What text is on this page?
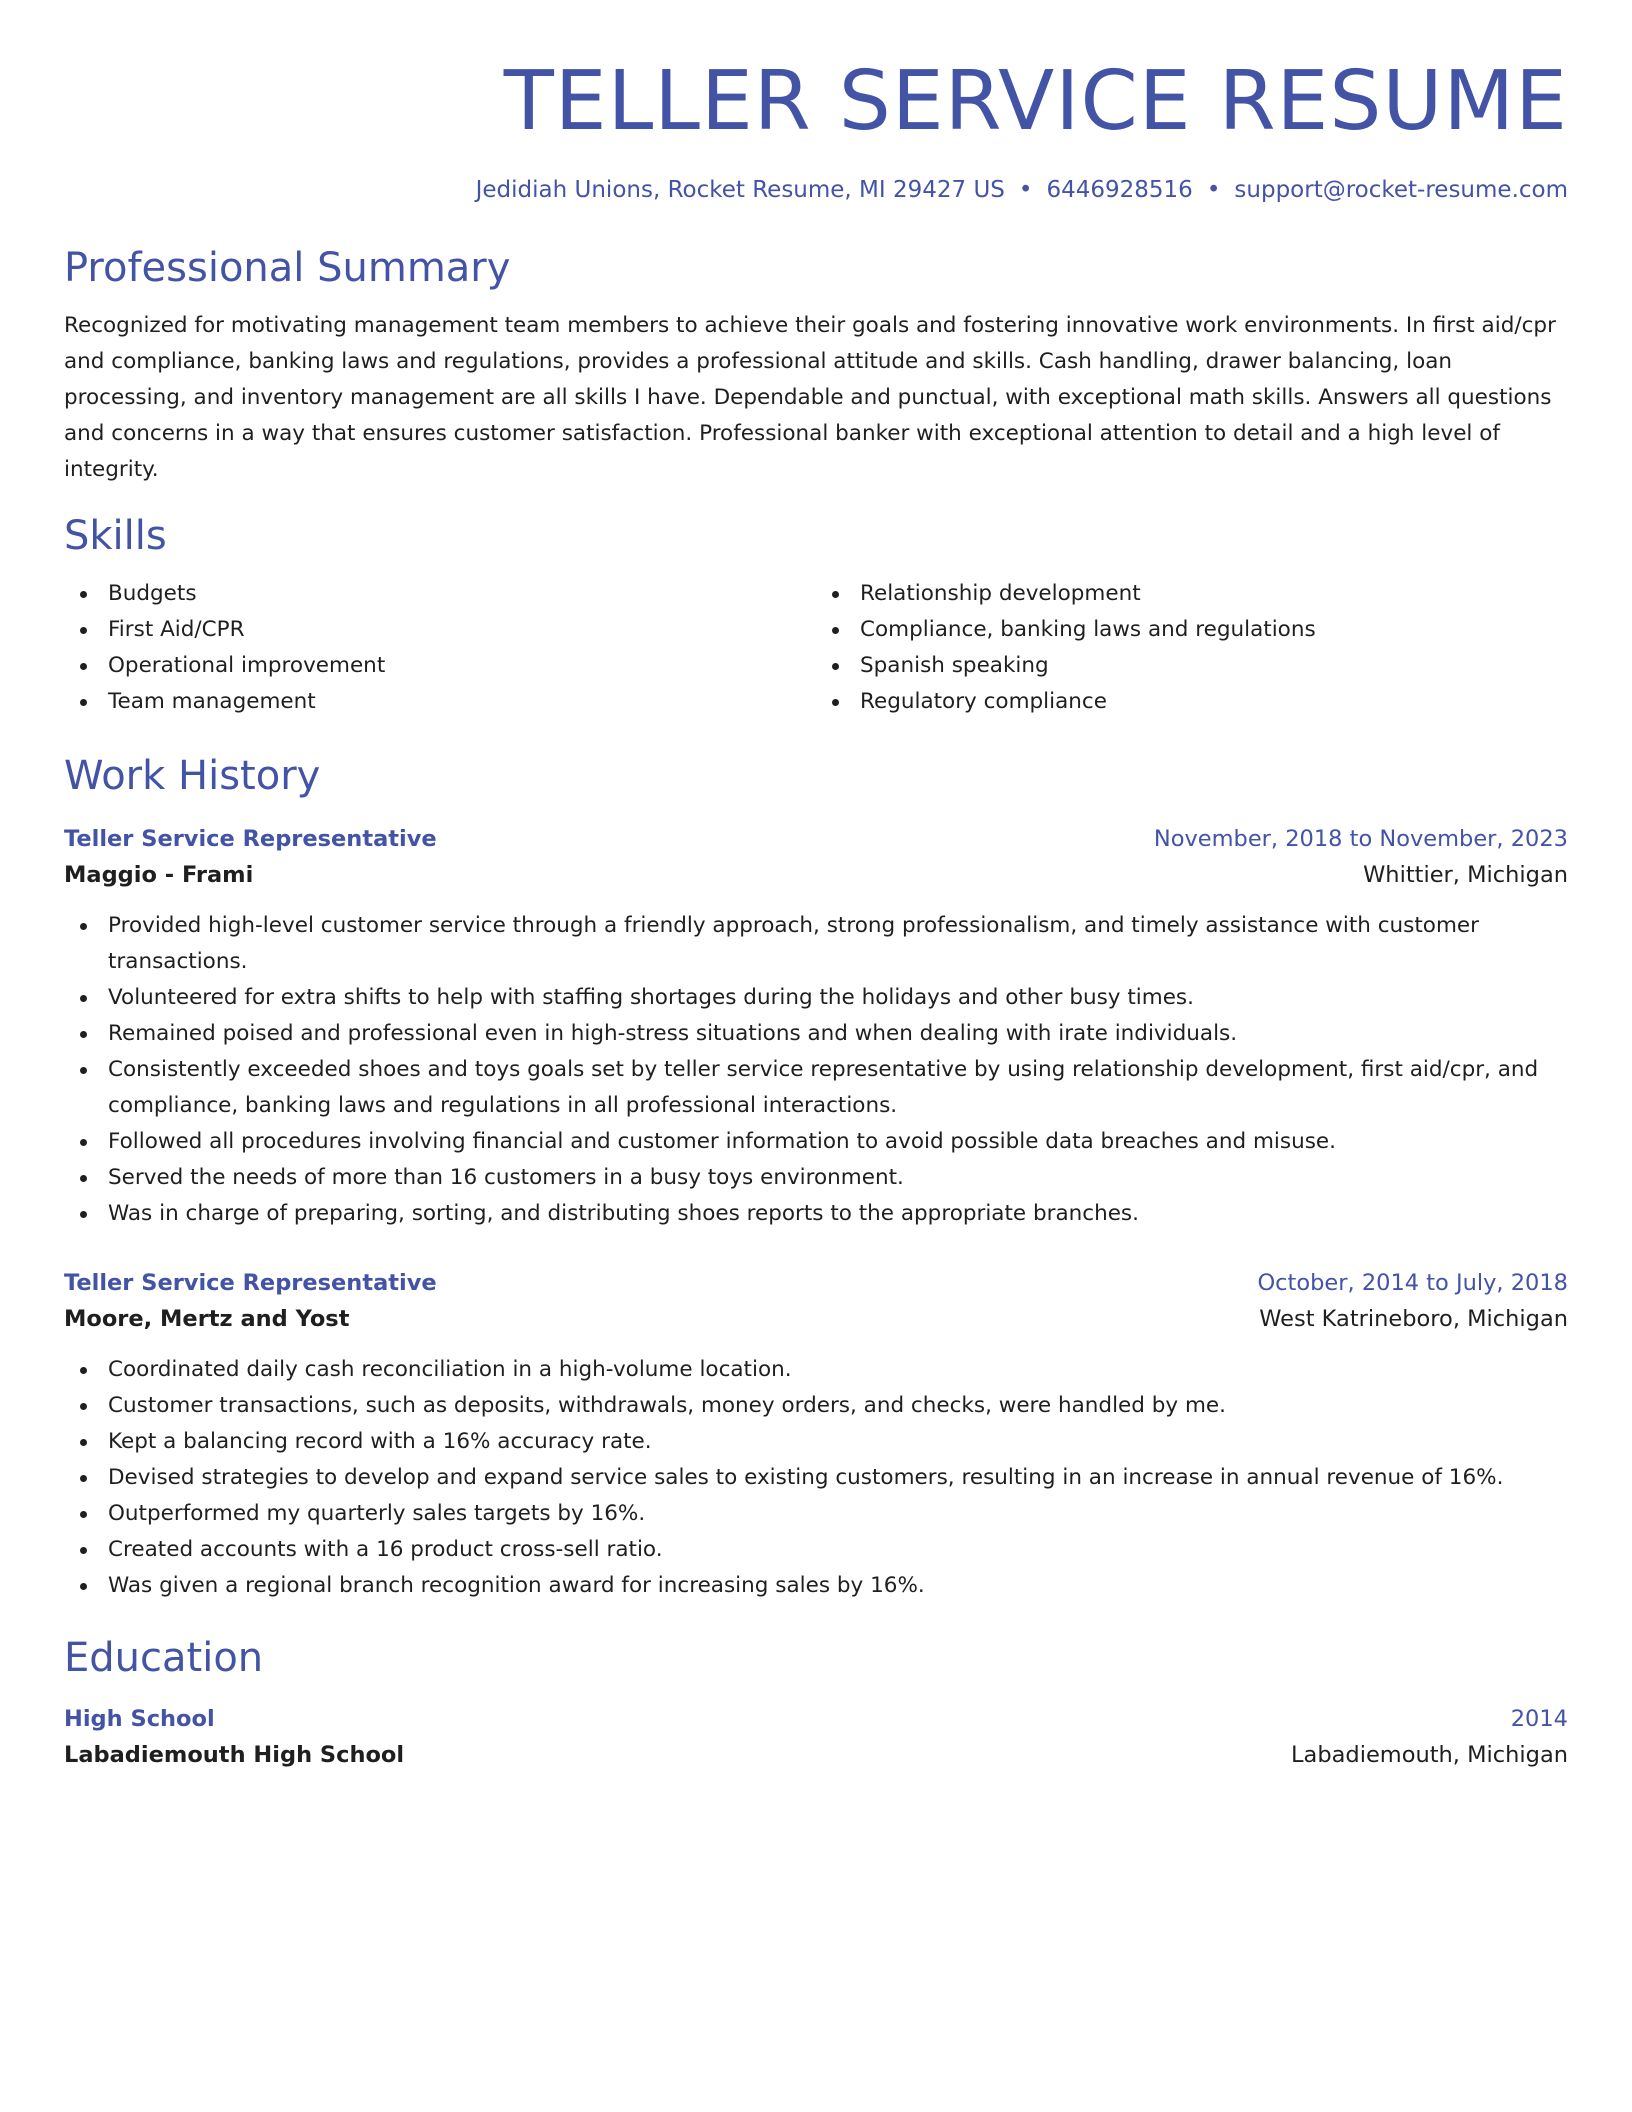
TELLER SERVICE RESUME
Jedidiah Unions, Rocket Resume, MI 29427 US • 6446928516 • support@rocket-resume.com
Professional Summary

Recognized for motivating management team members to achieve their goals and fostering innovative work environments. In first aid/cpr and compliance, banking laws and regulations, provides a professional attitude and skills. Cash handling, drawer balancing, loan processing, and inventory management are all skills I have. Dependable and punctual, with exceptional math skills. Answers all questions and concerns in a way that ensures customer satisfaction. Professional banker with exceptional attention to detail and a high level of integrity.

Skills
Budgets
First Aid/CPR
Operational improvement
Team management
Relationship development
Compliance, banking laws and regulations
Spanish speaking
Regulatory compliance
Work History
Teller Service Representative	November, 2018 to November, 2023
Maggio - Frami	Whittier, Michigan
Provided high-level customer service through a friendly approach, strong professionalism, and timely assistance with customer transactions.
Volunteered for extra shifts to help with staffing shortages during the holidays and other busy times.
Remained poised and professional even in high-stress situations and when dealing with irate individuals.
Consistently exceeded shoes and toys goals set by teller service representative by using relationship development, first aid/cpr, and compliance, banking laws and regulations in all professional interactions.
Followed all procedures involving financial and customer information to avoid possible data breaches and misuse.
Served the needs of more than 16 customers in a busy toys environment.
Was in charge of preparing, sorting, and distributing shoes reports to the appropriate branches.
Teller Service Representative	October, 2014 to July, 2018
Moore, Mertz and Yost	West Katrineboro, Michigan
Coordinated daily cash reconciliation in a high-volume location.
Customer transactions, such as deposits, withdrawals, money orders, and checks, were handled by me.
Kept a balancing record with a 16% accuracy rate.
Devised strategies to develop and expand service sales to existing customers, resulting in an increase in annual revenue of 16%.
Outperformed my quarterly sales targets by 16%.
Created accounts with a 16 product cross-sell ratio.
Was given a regional branch recognition award for increasing sales by 16%.
Education
High School	2014
Labadiemouth High School	Labadiemouth, Michigan
